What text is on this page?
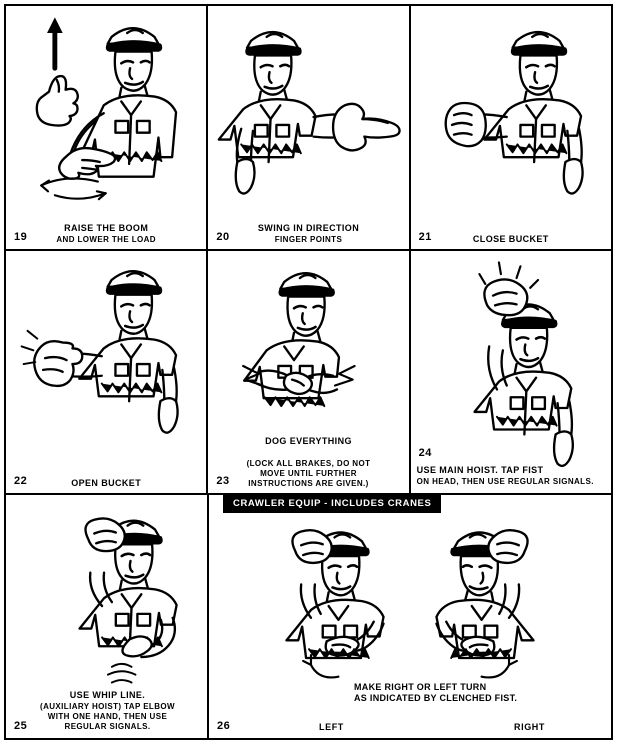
19
RAISE THE BOOM
AND LOWER THE LOAD	20
SWING IN DIRECTION
FINGER POINTS	21	CLOSE BUCKET
22	OPEN BUCKET	23
DOG EVERYTHING
(LOCK ALL BRAKES, DO NOT MOVE UNTIL FURTHER INSTRUCTIONS ARE GIVEN.)
24
USE MAIN HOIST. TAP FIST
ON HEAD, THEN USE REGULAR SIGNALS.
25
USE WHIP LINE.
(AUXILIARY HOIST) TAP ELBOW WITH ONE HAND, THEN USE REGULAR SIGNALS.
CRAWLER EQUIP - INCLUDES CRANES
26
MAKE RIGHT OR LEFT TURN
AS INDICATED BY CLENCHED FIST.
LEFT	RIGHT
